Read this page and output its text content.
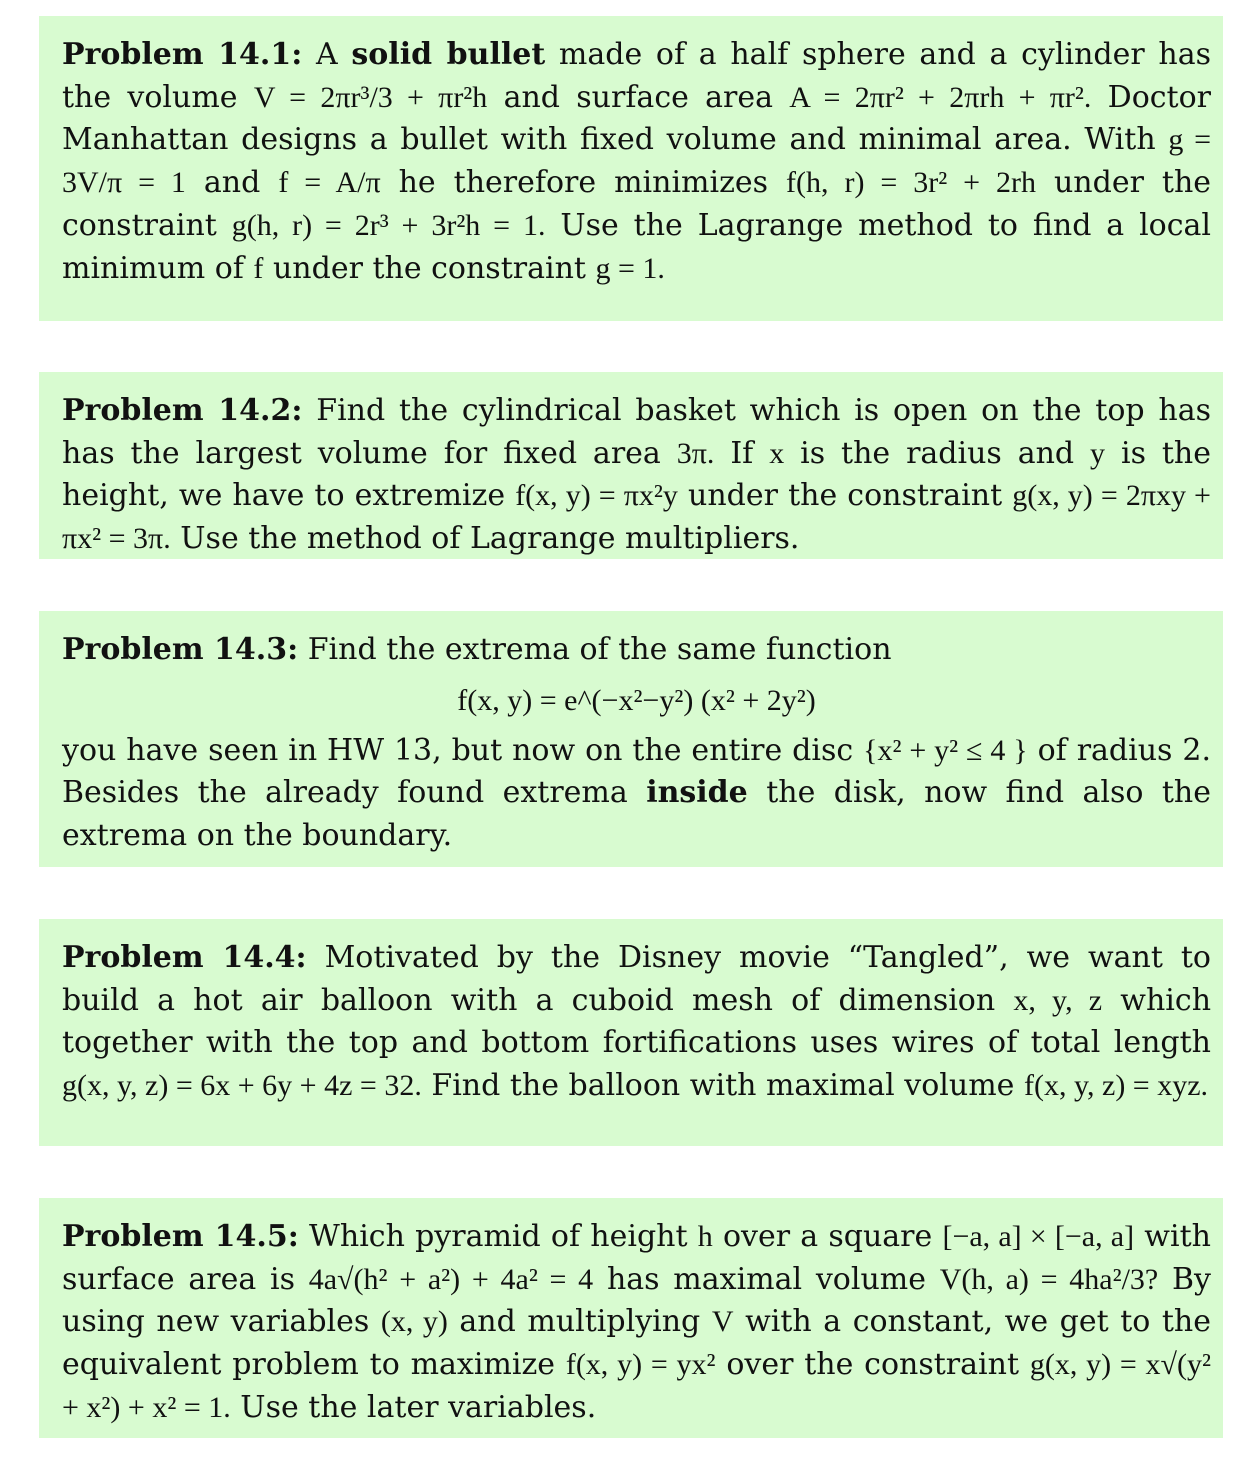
Problem 14.1: A solid bullet made of a half sphere and a cylinder has the volume V = 2πr³/3 + πr²h and surface area A = 2πr² + 2πrh + πr². Doctor Manhattan designs a bullet with fixed volume and minimal area. With g = 3V/π = 1 and f = A/π he therefore minimizes f(h, r) = 3r² + 2rh under the constraint g(h, r) = 2r³ + 3r²h = 1. Use the Lagrange method to find a local minimum of f under the constraint g = 1.

Problem 14.2: Find the cylindrical basket which is open on the top has has the largest volume for fixed area 3π. If x is the radius and y is the height, we have to extremize f(x, y) = πx²y under the constraint g(x, y) = 2πxy + πx² = 3π. Use the method of Lagrange multipliers.

Problem 14.3: Find the extrema of the same function

f(x, y) = e^(−x²−y²) (x² + 2y²)

you have seen in HW 13, but now on the entire disc {x² + y² ≤ 4 } of radius 2. Besides the already found extrema inside the disk, now find also the extrema on the boundary.

Problem 14.4: Motivated by the Disney movie “Tangled”, we want to build a hot air balloon with a cuboid mesh of dimension x, y, z which together with the top and bottom fortifications uses wires of total length g(x, y, z) = 6x + 6y + 4z = 32. Find the balloon with maximal volume f(x, y, z) = xyz.

Problem 14.5: Which pyramid of height h over a square [−a, a] × [−a, a] with surface area is 4a√(h² + a²) + 4a² = 4 has maximal volume V(h, a) = 4ha²/3? By using new variables (x, y) and multiplying V with a constant, we get to the equivalent problem to maximize f(x, y) = yx² over the constraint g(x, y) = x√(y² + x²) + x² = 1. Use the later variables.
